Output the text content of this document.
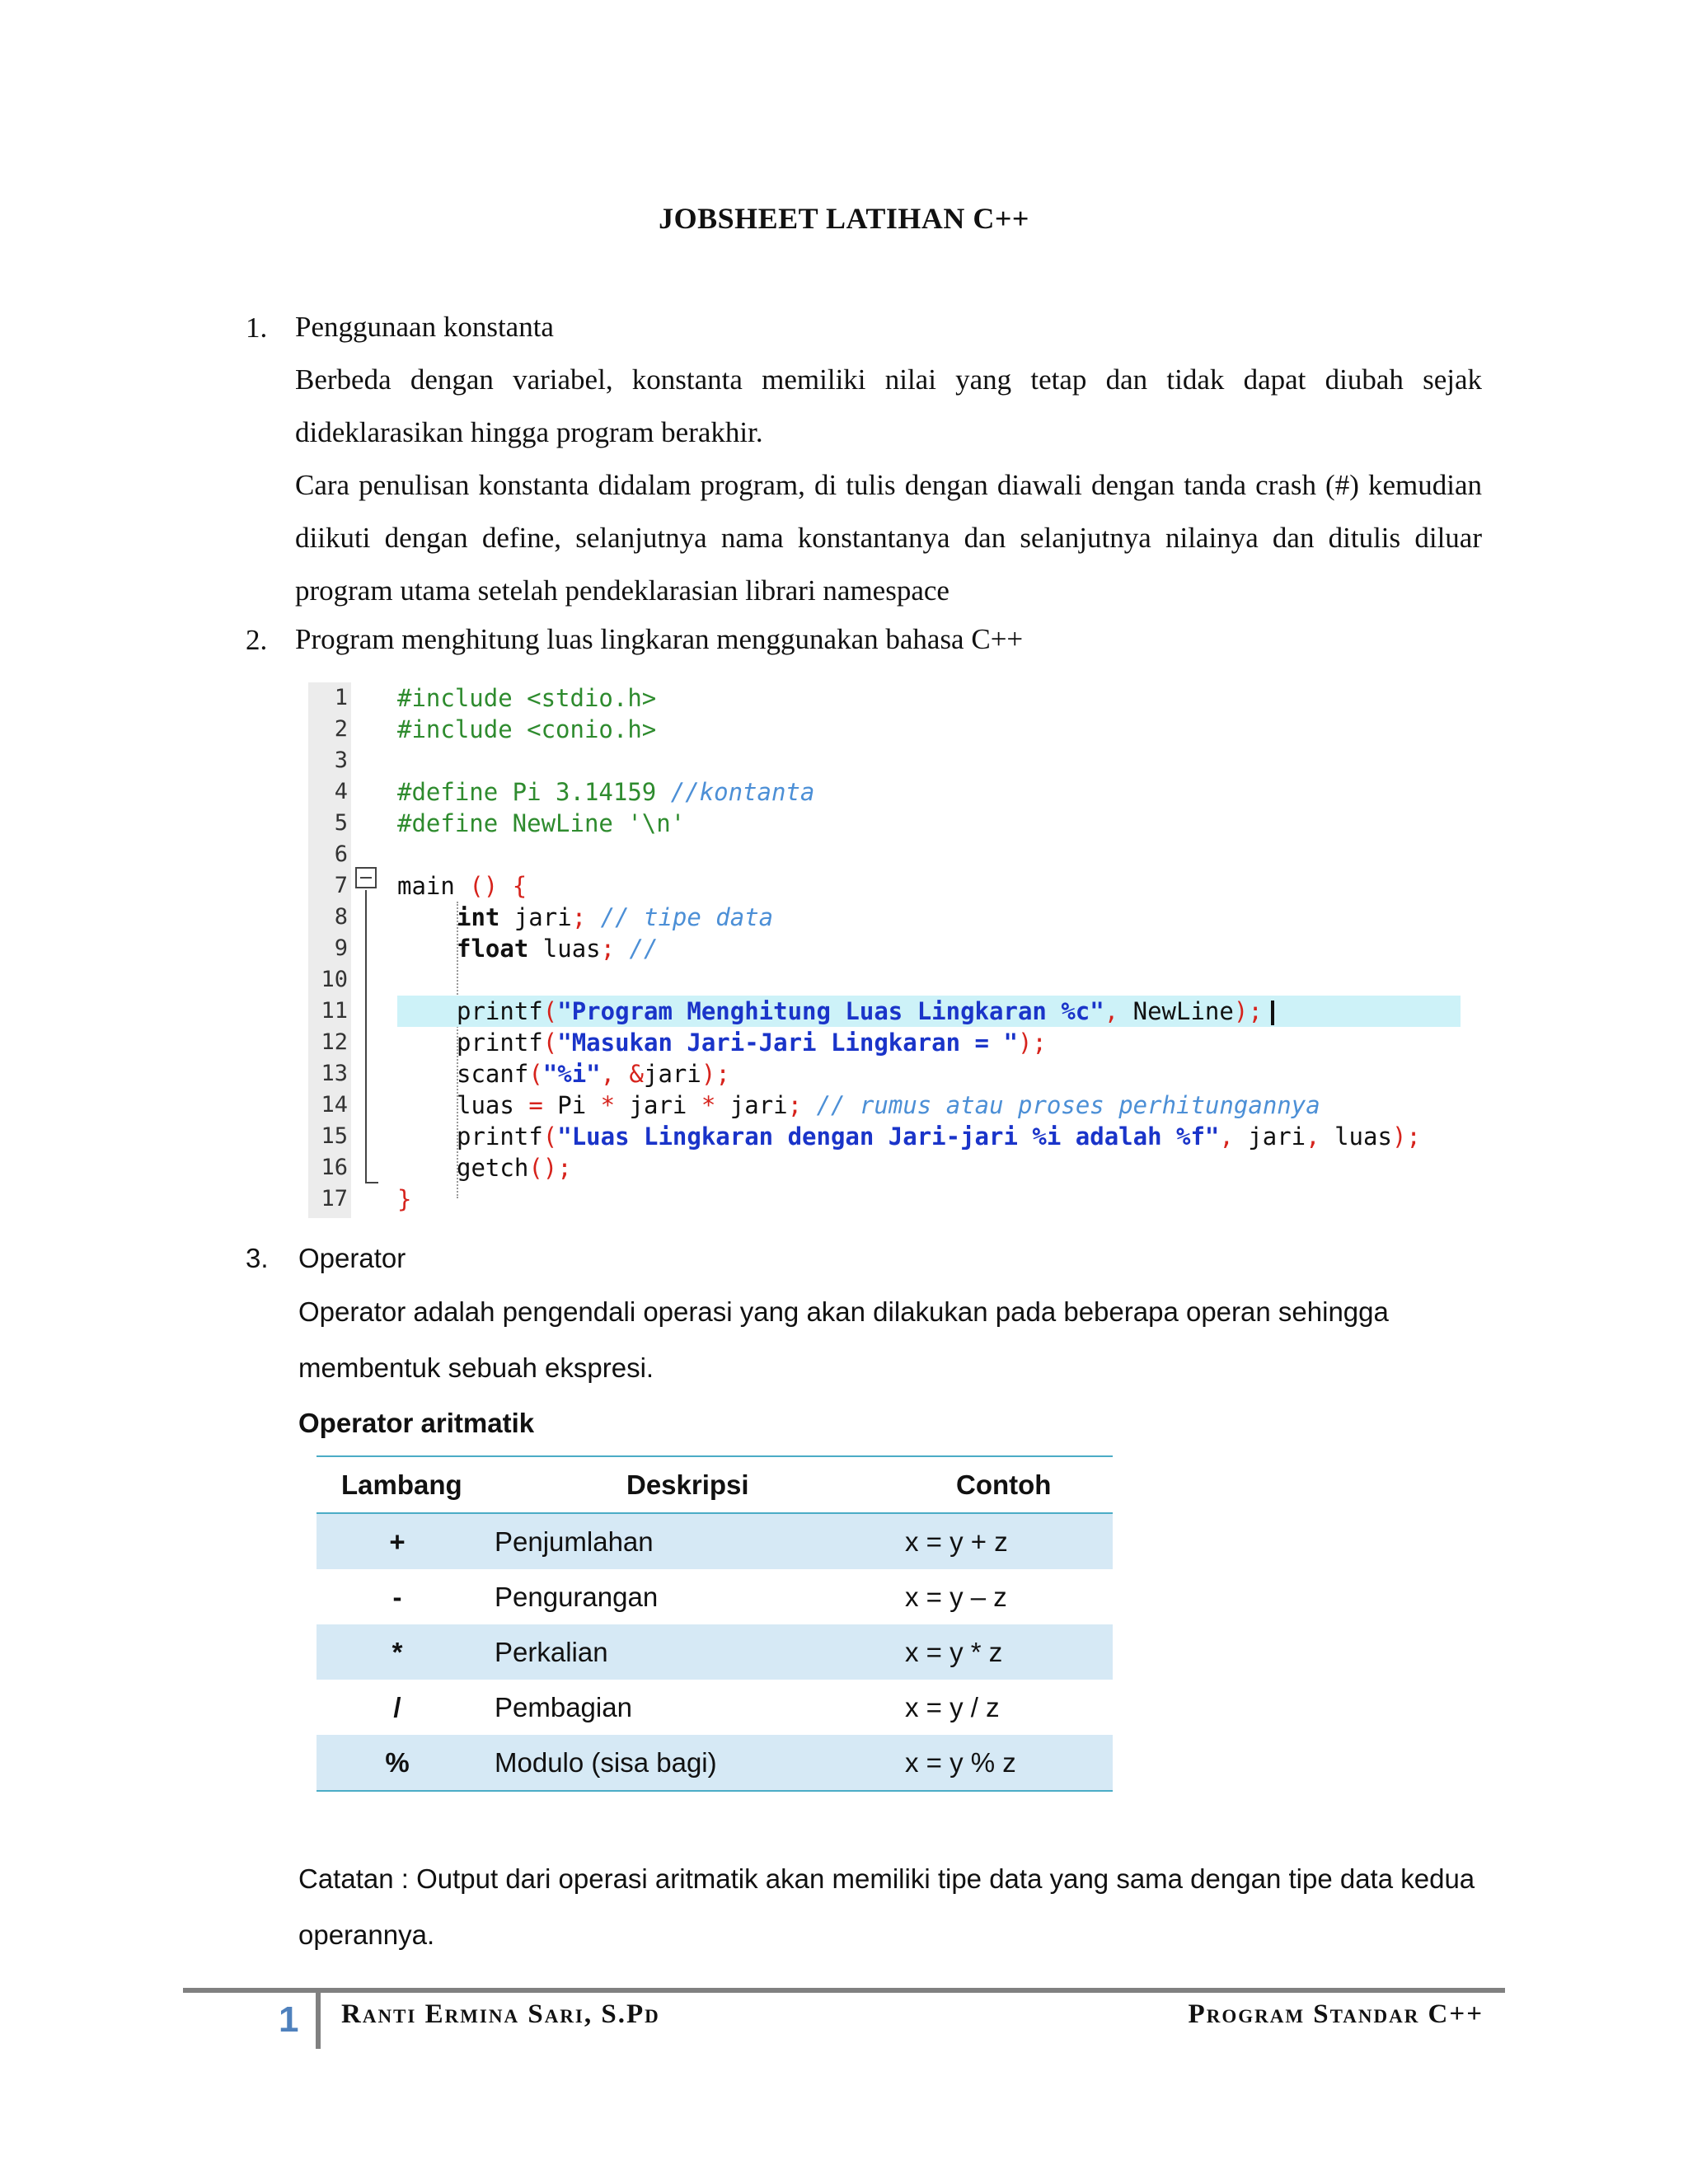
JOBSHEET LATIHAN C++
1. Penggunaan konstanta
Berbeda dengan variabel, konstanta memiliki nilai yang tetap dan tidak dapat diubah sejak dideklarasikan hingga program berakhir.
Cara penulisan konstanta didalam program, di tulis dengan diawali dengan tanda crash (#) kemudian diikuti dengan define, selanjutnya nama konstantanya dan selanjutnya nilainya dan ditulis diluar program utama setelah pendeklarasian librari namespace
2. Program menghitung luas lingkaran menggunakan bahasa C++
1
2
3
4
5
6
7
8
9
10
11
12
13
14
15
16
17
#include <stdio.h>
#include <conio.h>
#define Pi 3.14159 //kontanta
#define NewLine '\n'
main () {
int jari; // tipe data
float luas; //
printf("Program Menghitung Luas Lingkaran %c", NewLine);
printf("Masukan Jari-Jari Lingkaran = ");
scanf("%i", &jari);
luas = Pi * jari * jari; // rumus atau proses perhitungannya
printf("Luas Lingkaran dengan Jari-jari %i adalah %f", jari, luas);
getch();
}
3. Operator
Operator adalah pengendali operasi yang akan dilakukan pada beberapa operan sehingga membentuk sebuah ekspresi.
Operator aritmatik
Lambang	Deskripsi	Contoh
+	Penjumlahan	x = y + z
-	Pengurangan	x = y – z
*	Perkalian	x = y * z
/	Pembagian	x = y / z
%	Modulo (sisa bagi)	x = y % z
Catatan : Output dari operasi aritmatik akan memiliki tipe data yang sama dengan tipe data kedua operannya.
1 Ranti Ermina Sari, S.Pd	Program Standar C++
